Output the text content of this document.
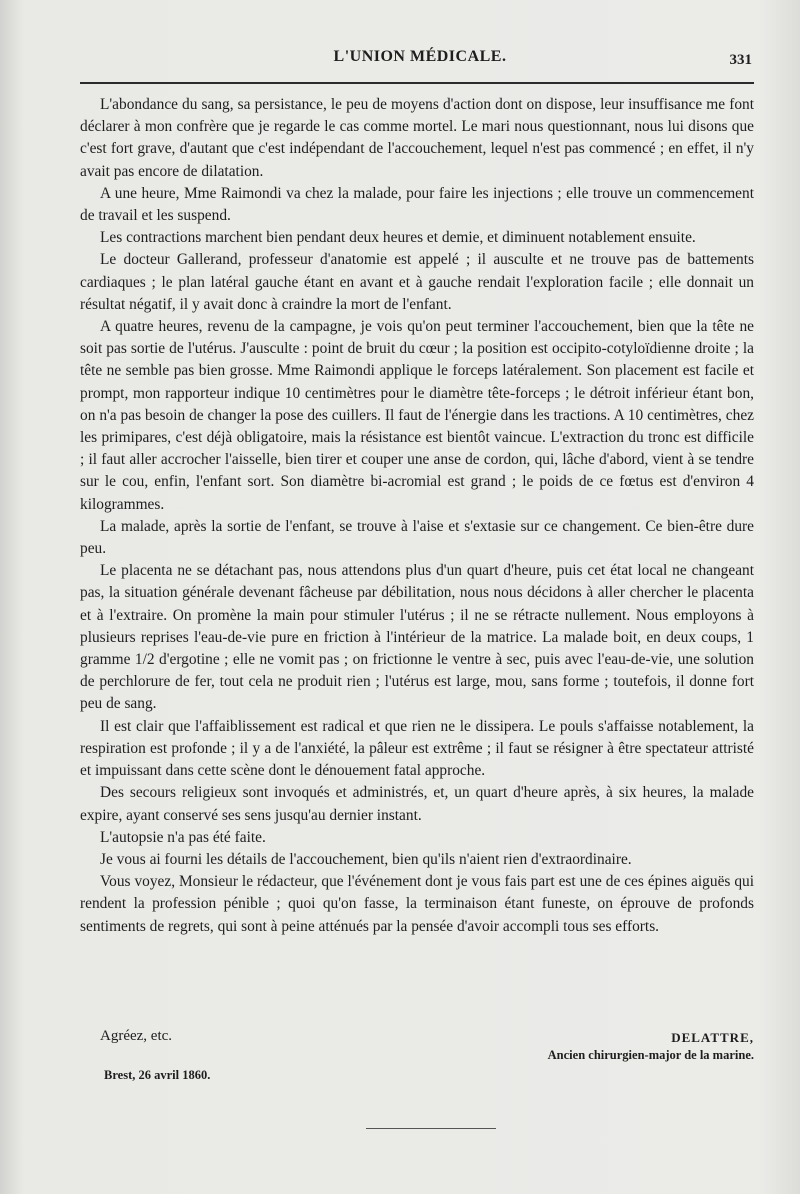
L'UNION MÉDICALE.	331

L'abondance du sang, sa persistance, le peu de moyens d'action dont on dispose, leur insuffisance me font déclarer à mon confrère que je regarde le cas comme mortel. Le mari nous questionnant, nous lui disons que c'est fort grave, d'autant que c'est indépendant de l'accouchement, lequel n'est pas commencé ; en effet, il n'y avait pas encore de dilatation.

A une heure, Mme Raimondi va chez la malade, pour faire les injections ; elle trouve un commencement de travail et les suspend.

Les contractions marchent bien pendant deux heures et demie, et diminuent notablement ensuite.

Le docteur Gallerand, professeur d'anatomie est appelé ; il ausculte et ne trouve pas de battements cardiaques ; le plan latéral gauche étant en avant et à gauche rendait l'exploration facile ; elle donnait un résultat négatif, il y avait donc à craindre la mort de l'enfant.

A quatre heures, revenu de la campagne, je vois qu'on peut terminer l'accouchement, bien que la tête ne soit pas sortie de l'utérus. J'ausculte : point de bruit du cœur ; la position est occipito-cotyloïdienne droite ; la tête ne semble pas bien grosse. Mme Raimondi applique le forceps latéralement. Son placement est facile et prompt, mon rapporteur indique 10 centimètres pour le diamètre tête-forceps ; le détroit inférieur étant bon, on n'a pas besoin de changer la pose des cuillers. Il faut de l'énergie dans les tractions. A 10 centimètres, chez les primipares, c'est déjà obligatoire, mais la résistance est bientôt vaincue. L'extraction du tronc est difficile ; il faut aller accrocher l'aisselle, bien tirer et couper une anse de cordon, qui, lâche d'abord, vient à se tendre sur le cou, enfin, l'enfant sort. Son diamètre bi-acromial est grand ; le poids de ce fœtus est d'environ 4 kilogrammes.

La malade, après la sortie de l'enfant, se trouve à l'aise et s'extasie sur ce changement. Ce bien-être dure peu.

Le placenta ne se détachant pas, nous attendons plus d'un quart d'heure, puis cet état local ne changeant pas, la situation générale devenant fâcheuse par débilitation, nous nous décidons à aller chercher le placenta et à l'extraire. On promène la main pour stimuler l'utérus ; il ne se rétracte nullement. Nous employons à plusieurs reprises l'eau-de-vie pure en friction à l'intérieur de la matrice. La malade boit, en deux coups, 1 gramme 1/2 d'ergotine ; elle ne vomit pas ; on frictionne le ventre à sec, puis avec l'eau-de-vie, une solution de perchlorure de fer, tout cela ne produit rien ; l'utérus est large, mou, sans forme ; toutefois, il donne fort peu de sang.

Il est clair que l'affaiblissement est radical et que rien ne le dissipera. Le pouls s'affaisse notablement, la respiration est profonde ; il y a de l'anxiété, la pâleur est extrême ; il faut se résigner à être spectateur attristé et impuissant dans cette scène dont le dénouement fatal approche.

Des secours religieux sont invoqués et administrés, et, un quart d'heure après, à six heures, la malade expire, ayant conservé ses sens jusqu'au dernier instant.

L'autopsie n'a pas été faite.

Je vous ai fourni les détails de l'accouchement, bien qu'ils n'aient rien d'extraordinaire.

Vous voyez, Monsieur le rédacteur, que l'événement dont je vous fais part est une de ces épines aiguës qui rendent la profession pénible ; quoi qu'on fasse, la terminaison étant funeste, on éprouve de profonds sentiments de regrets, qui sont à peine atténués par la pensée d'avoir accompli tous ses efforts.

Agréez, etc.	DELATTRE,
Ancien chirurgien-major de la marine.
Brest, 26 avril 1860.
